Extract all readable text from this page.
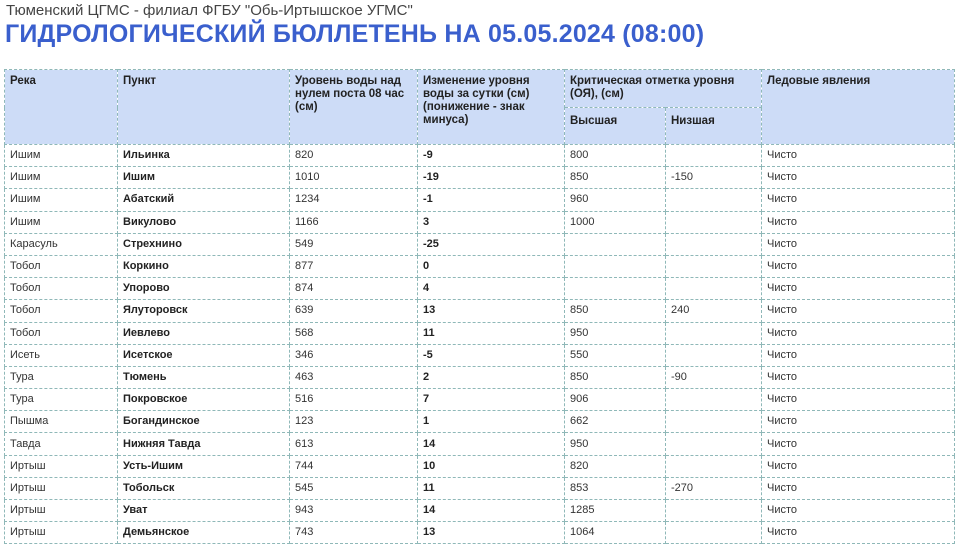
Тюменский ЦГМС - филиал ФГБУ "Обь-Иртышское УГМС"
ГИДРОЛОГИЧЕСКИЙ БЮЛЛЕТЕНЬ НА 05.05.2024 (08:00)
Река	Пункт	Уровень воды над нулем поста 08 час (см)	Изменение уровня воды за сутки (см) (понижение - знак минуса)	Критическая отметка уровня (ОЯ), (см)		Ледовые явления
				Высшая	Низшая	
Ишим	Ильинка	820	-9	800		Чисто
Ишим	Ишим	1010	-19	850	-150	Чисто
Ишим	Абатский	1234	-1	960		Чисто
Ишим	Викулово	1166	3	1000		Чисто
Карасуль	Стрехнино	549	-25			Чисто
Тобол	Коркино	877	0			Чисто
Тобол	Упорово	874	4			Чисто
Тобол	Ялуторовск	639	13	850	240	Чисто
Тобол	Иевлево	568	11	950		Чисто
Исеть	Исетское	346	-5	550		Чисто
Тура	Тюмень	463	2	850	-90	Чисто
Тура	Покровское	516	7	906		Чисто
Пышма	Богандинское	123	1	662		Чисто
Тавда	Нижняя Тавда	613	14	950		Чисто
Иртыш	Усть-Ишим	744	10	820		Чисто
Иртыш	Тобольск	545	11	853	-270	Чисто
Иртыш	Уват	943	14	1285		Чисто
Иртыш	Демьянское	743	13	1064		Чисто
